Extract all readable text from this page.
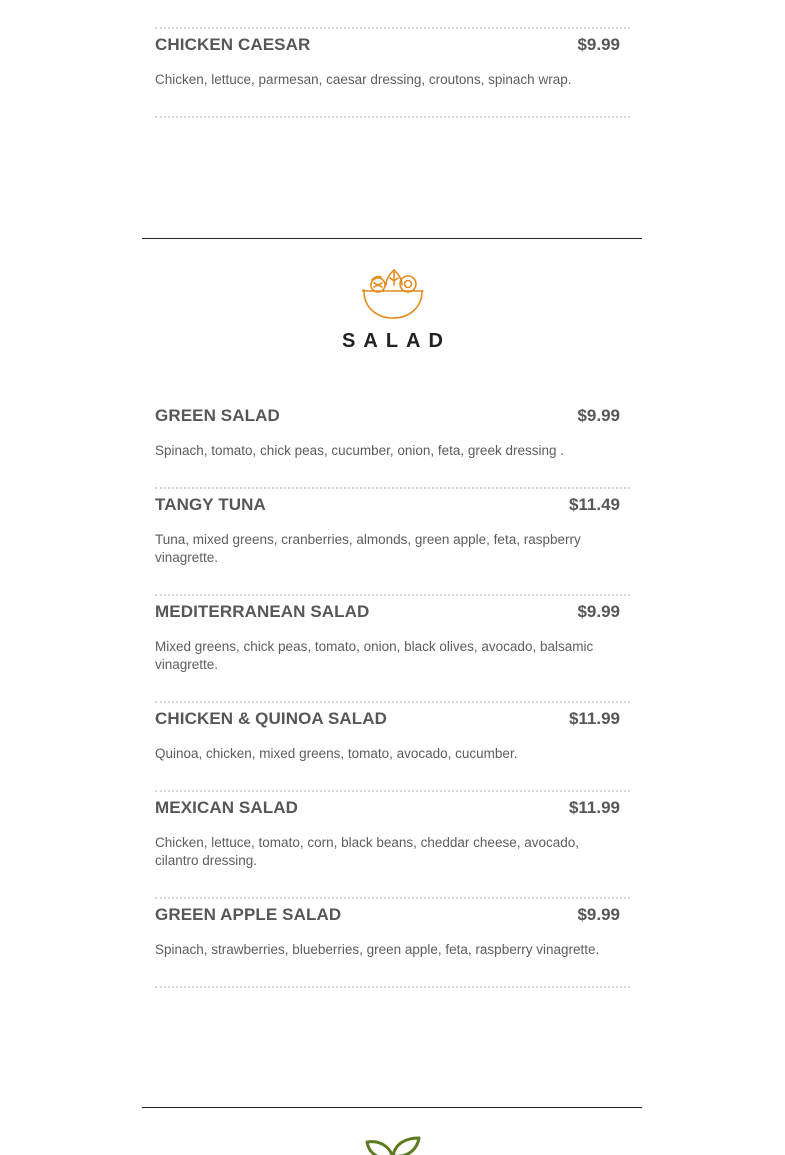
CHICKEN CAESAR	$9.99
Chicken, lettuce, parmesan, caesar dressing, croutons, spinach wrap.
SALAD
GREEN SALAD	$9.99
Spinach, tomato, chick peas, cucumber, onion, feta, greek dressing .
TANGY TUNA	$11.49
Tuna, mixed greens, cranberries, almonds, green apple, feta, raspberry vinagrette.
MEDITERRANEAN SALAD	$9.99
Mixed greens, chick peas, tomato, onion, black olives, avocado, balsamic vinagrette.
CHICKEN & QUINOA SALAD	$11.99
Quinoa, chicken, mixed greens, tomato, avocado, cucumber.
MEXICAN SALAD	$11.99
Chicken, lettuce, tomato, corn, black beans, cheddar cheese, avocado, cilantro dressing.
GREEN APPLE SALAD	$9.99
Spinach, strawberries, blueberries, green apple, feta, raspberry vinagrette.
